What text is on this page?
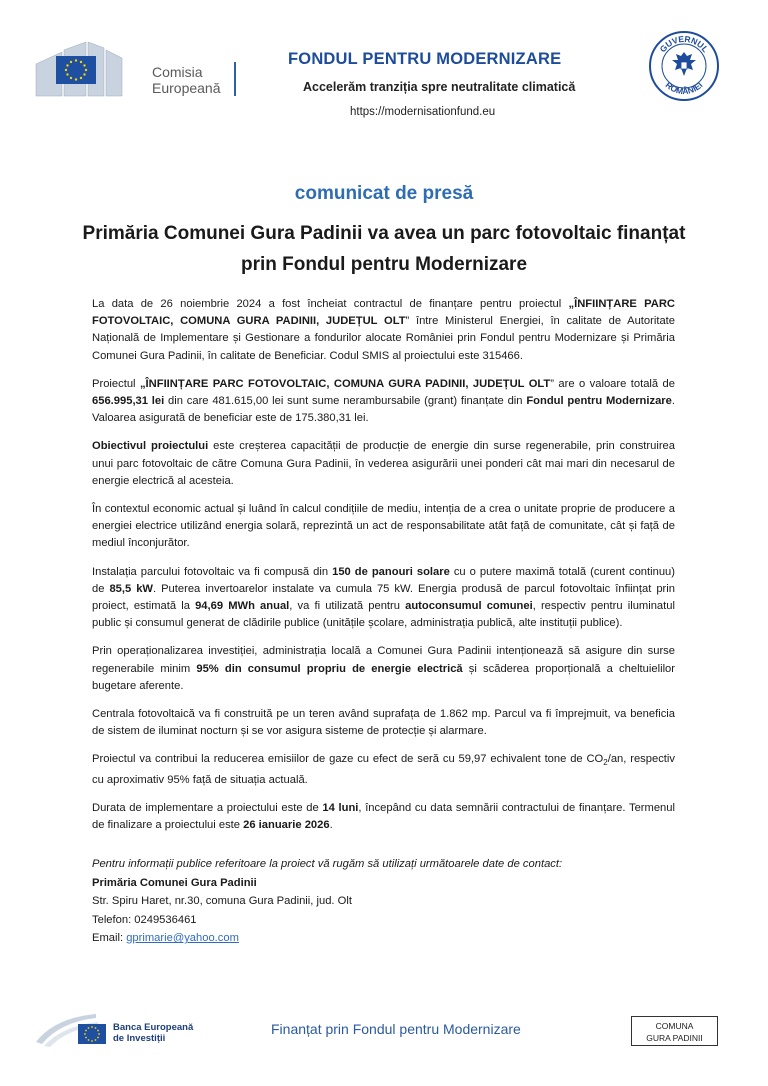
Comisia
Europeană
FONDUL PENTRU MODERNIZARE
Accelerăm tranziția spre neutralitate climatică
https://modernisationfund.eu
GUVERNUL
ROMÂNIEI
comunicat de presă
Primăria Comunei Gura Padinii va avea un parc fotovoltaic finanțat prin Fondul pentru Modernizare

La data de 26 noiembrie 2024 a fost încheiat contractul de finanțare pentru proiectul „ÎNFIINȚARE PARC FOTOVOLTAIC, COMUNA GURA PADINII, JUDEȚUL OLT” între Ministerul Energiei, în calitate de Autoritate Națională de Implementare și Gestionare a fondurilor alocate României prin Fondul pentru Modernizare și Primăria Comunei Gura Padinii, în calitate de Beneficiar. Codul SMIS al proiectului este 315466.

Proiectul „ÎNFIINȚARE PARC FOTOVOLTAIC, COMUNA GURA PADINII, JUDEȚUL OLT” are o valoare totală de 656.995,31 lei din care 481.615,00 lei sunt sume nerambursabile (grant) finanțate din Fondul pentru Modernizare. Valoarea asigurată de beneficiar este de 175.380,31 lei.

Obiectivul proiectului este creșterea capacității de producție de energie din surse regenerabile, prin construirea unui parc fotovoltaic de către Comuna Gura Padinii, în vederea asigurării unei ponderi cât mai mari din necesarul de energie electrică al acesteia.

În contextul economic actual și luând în calcul condițiile de mediu, intenția de a crea o unitate proprie de producere a energiei electrice utilizând energia solară, reprezintă un act de responsabilitate atât față de comunitate, cât și față de mediul înconjurător.

Instalația parcului fotovoltaic va fi compusă din 150 de panouri solare cu o putere maximă totală (curent continuu) de 85,5 kW. Puterea invertoarelor instalate va cumula 75 kW. Energia produsă de parcul fotovoltaic înființat prin proiect, estimată la 94,69 MWh anual, va fi utilizată pentru autoconsumul comunei, respectiv pentru iluminatul public și consumul generat de clădirile publice (unitățile școlare, administrația publică, alte instituții publice).

Prin operaționalizarea investiției, administrația locală a Comunei Gura Padinii intenționează să asigure din surse regenerabile minim 95% din consumul propriu de energie electrică și scăderea proporțională a cheltuielilor bugetare aferente.

Centrala fotovoltaică va fi construită pe un teren având suprafața de 1.862 mp. Parcul va fi împrejmuit, va beneficia de sistem de iluminat nocturn și se vor asigura sisteme de protecție și alarmare.

Proiectul va contribui la reducerea emisiilor de gaze cu efect de seră cu 59,97 echivalent tone de $CO_2/an$, respectiv cu aproximativ 95% față de situația actuală.

Durata de implementare a proiectului este de 14 luni, începând cu data semnării contractului de finanțare. Termenul de finalizare a proiectului este 26 ianuarie 2026.

Pentru informații publice referitoare la proiect vă rugăm să utilizați următoarele date de contact:
Primăria Comunei Gura Padinii
Str. Spiru Haret, nr.30, comuna Gura Padinii, jud. Olt
Telefon: 0249536461
Email: gprimarie@yahoo.com
Banca Europeană
de Investiții
Finanțat prin Fondul pentru Modernizare	COMUNA
GURA PADINII
